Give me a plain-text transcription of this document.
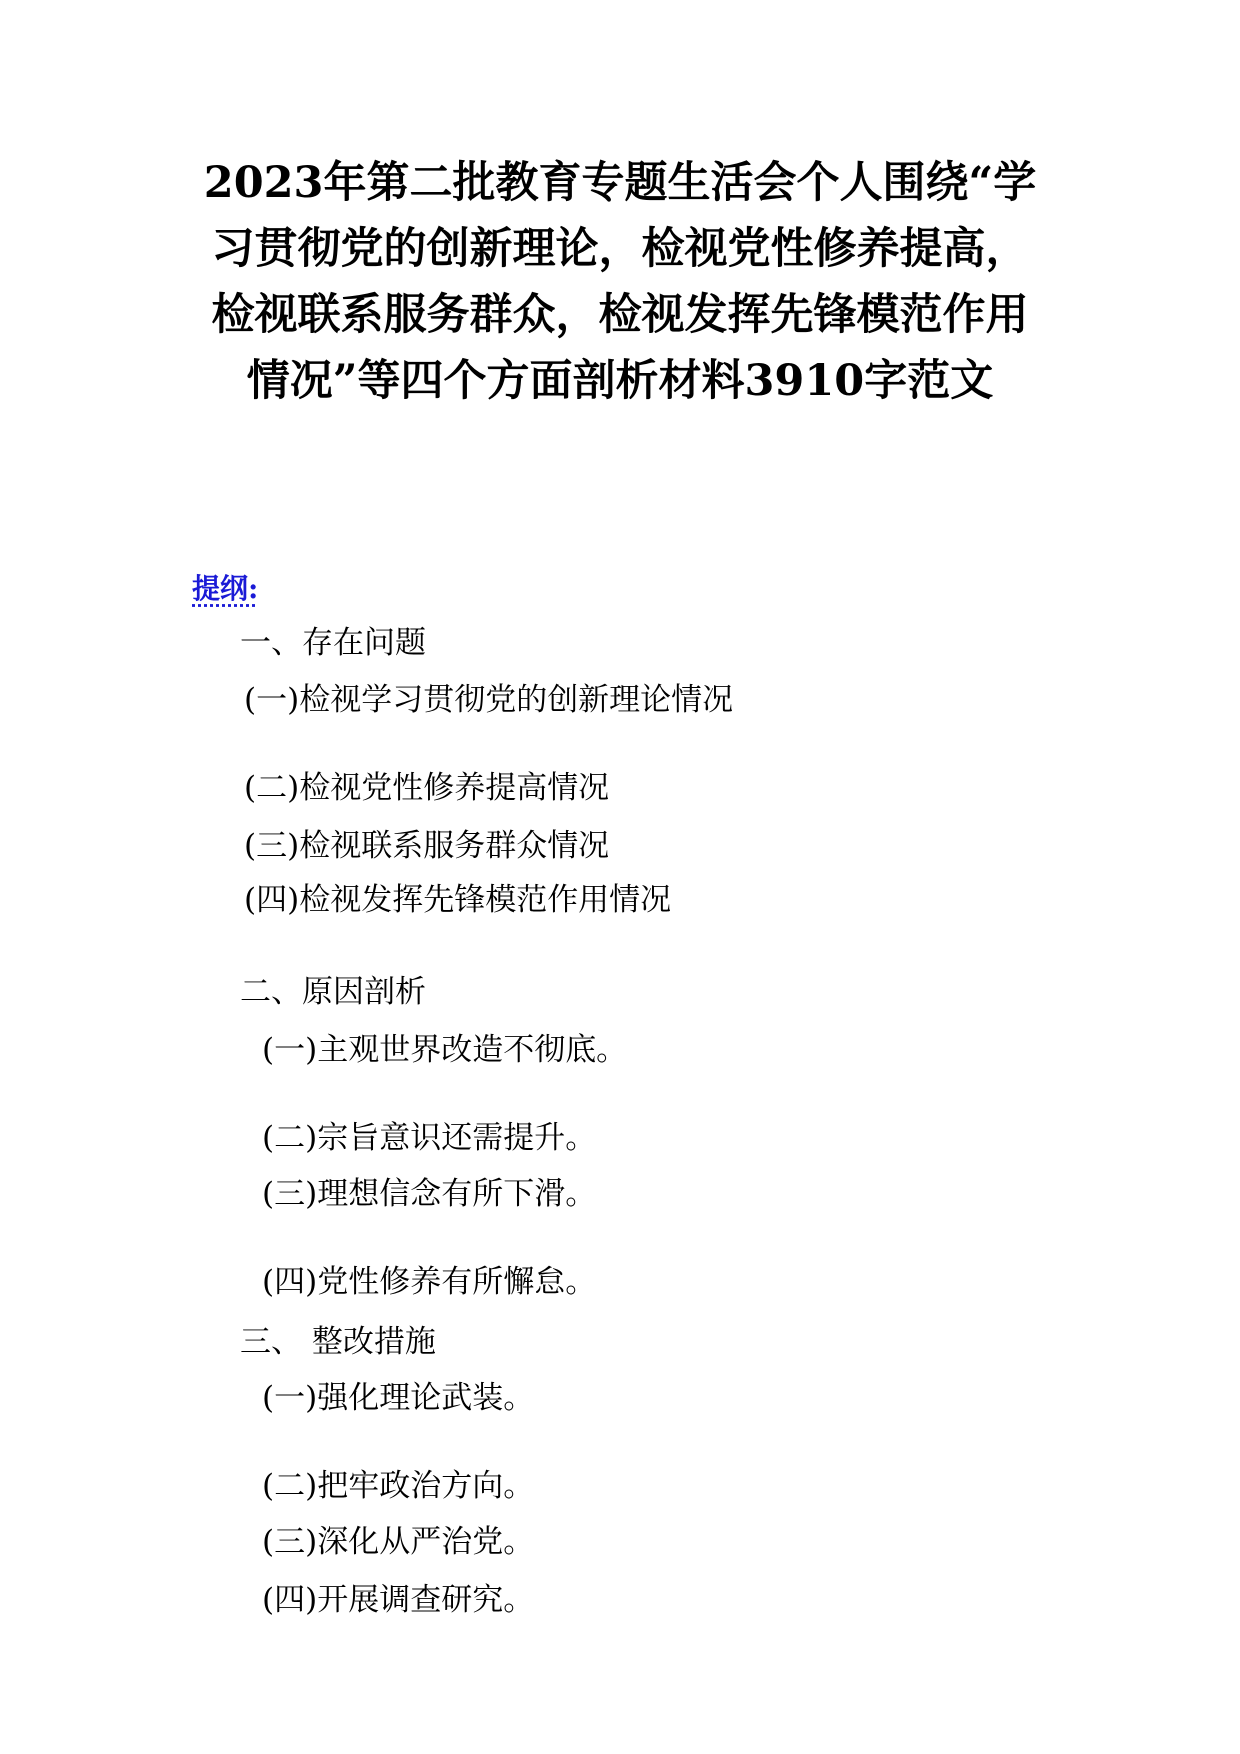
2023年第二批教育专题生活会个人围绕“学
习贯彻党的创新理论，检视党性修养提高，
检视联系服务群众，检视发挥先锋模范作用
情况”等四个方面剖析材料3910字范文
提纲:
一、存在问题
(一)检视学习贯彻党的创新理论情况
(二)检视党性修养提高情况
(三)检视联系服务群众情况
(四)检视发挥先锋模范作用情况
二、原因剖析
(一)主观世界改造不彻底。
(二)宗旨意识还需提升。
(三)理想信念有所下滑。
(四)党性修养有所懈怠。
三、 整改措施
(一)强化理论武装。
(二)把牢政治方向。
(三)深化从严治党。
(四)开展调查研究。
